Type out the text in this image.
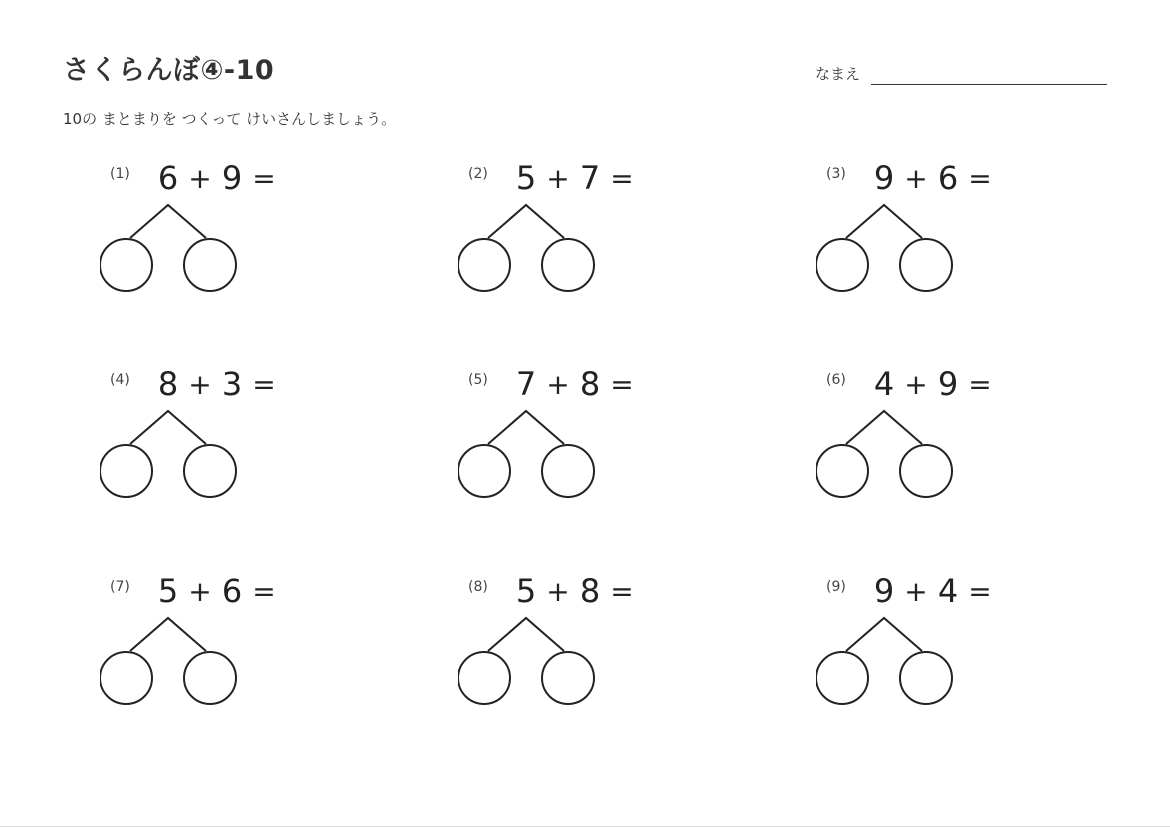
さくらんぼ④-10	なまえ
10の まとまりを つくって けいさんしましょう。
(1) 6 + 9 =	(2) 5 + 7 =	(3) 9 + 6 =
(4) 8 + 3 =	(5) 7 + 8 =	(6) 4 + 9 =
(7) 5 + 6 =	(8) 5 + 8 =	(9) 9 + 4 =
